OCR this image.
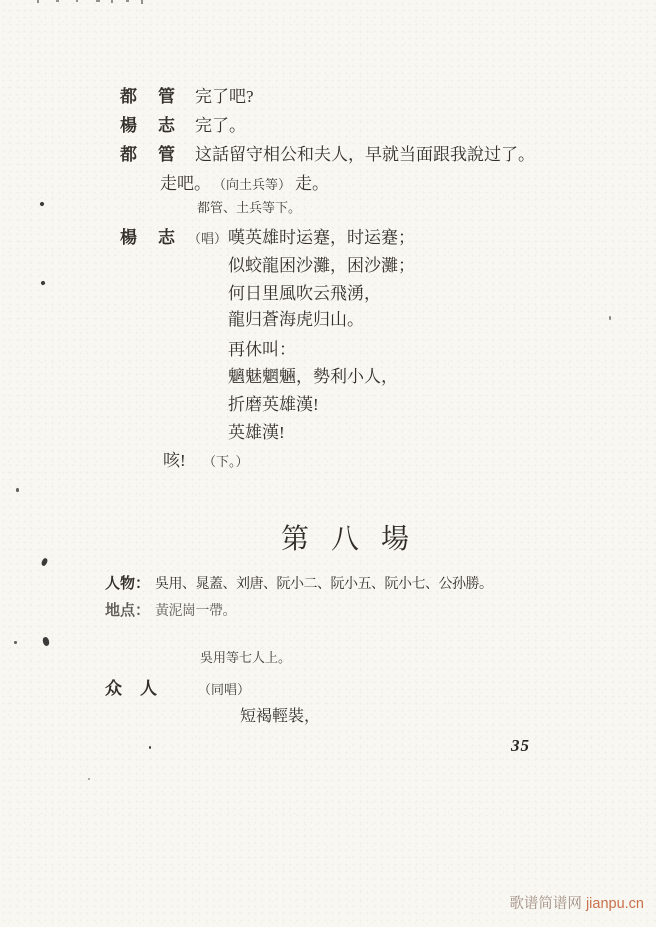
都管 完了吧?
楊志 完了。
都管 这話留守相公和夫人，早就当面跟我說过了。
走吧。 （向土兵等） 走。
都管、土兵等下。
楊志
（唱） 嘆英雄时运蹇，时运蹇；
似蛟龍困沙灘，困沙灘；
何日里風吹云飛湧，
龍归蒼海虎归山。
再休叫：
魑魅魍魎，勢利小人，
折磨英雄漢!
英雄漢!
咳! （下。）
第八場
人物： 吳用、晁蓋、刘唐、阮小二、阮小五、阮小七、公孙勝。
地点： 黃泥崗一帶。
吳用等七人上。
众人 （同唱）
短褐輕裝，
35
歌谱简谱网 jianpu.cn
